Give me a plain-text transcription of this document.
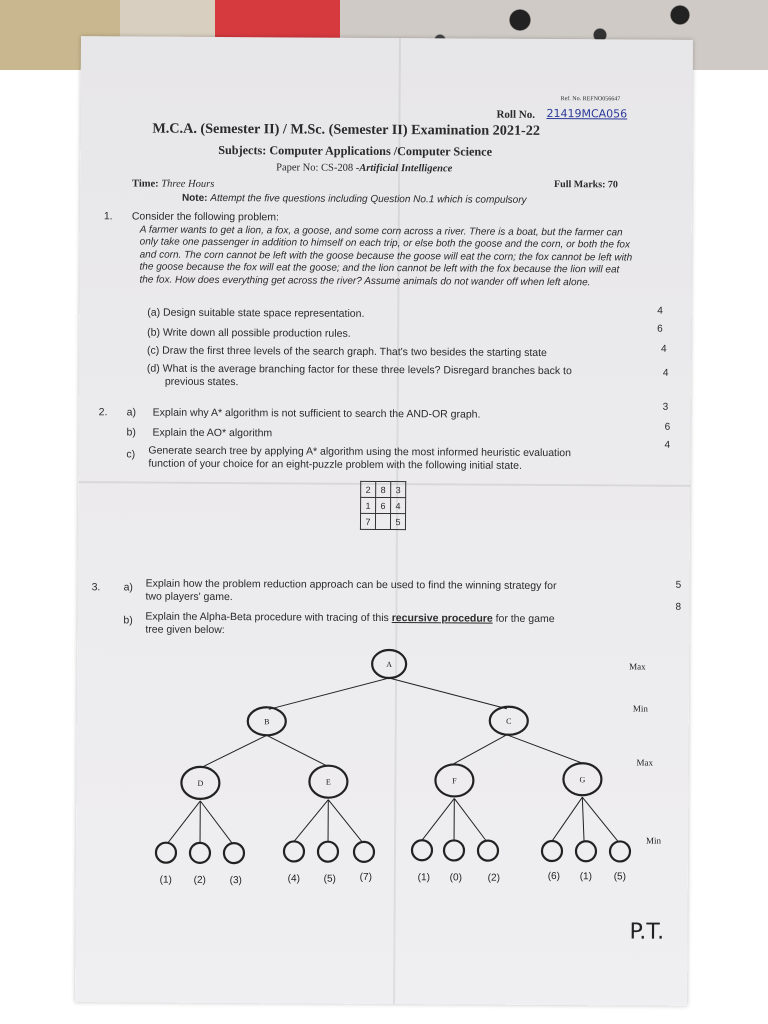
Ref. No. REFNO056647
Roll No. 21419MCA056
M.C.A. (Semester II) / M.Sc. (Semester II) Examination 2021-22
Subjects: Computer Applications /Computer Science
Paper No: CS-208 -Artificial Intelligence
Time: Three Hours	Full Marks: 70
Note: Attempt the five questions including Question No.1 which is compulsory
1. Consider the following problem:
A farmer wants to get a lion, a fox, a goose, and some corn across a river. There is a boat, but the farmer can only take one passenger in addition to himself on each trip, or else both the goose and the corn, or both the fox and corn. The corn cannot be left with the goose because the goose will eat the corn; the fox cannot be left with the goose because the fox will eat the goose; and the lion cannot be left with the fox because the lion will eat the fox. How does everything get across the river? Assume animals do not wander off when left alone.
(a) Design suitable state space representation.	4
(b) Write down all possible production rules.	6
(c) Draw the first three levels of the search graph. That's two besides the starting state	4
(d) What is the average branching factor for these three levels? Disregard branches back to
previous states.
4
2. a) Explain why A* algorithm is not sufficient to search the AND-OR graph.	3
b) Explain the AO* algorithm	6
c) Generate search tree by applying A* algorithm using the most informed heuristic evaluation
function of your choice for an eight-puzzle problem with the following initial state.
4
2	8	3
1	6	4
7		5
3. a) Explain how the problem reduction approach can be used to find the winning strategy for
two players' game.
5
b) Explain the Alpha-Beta procedure with tracing of this recursive procedure for the game
tree given below:
8
A
B	C
D	E	F	G
Max
Min
Max
Min
(1) (2) (3)	(4) (5) (7)	(1) (0)	(2)	(6) (1) (5)
P.T.
